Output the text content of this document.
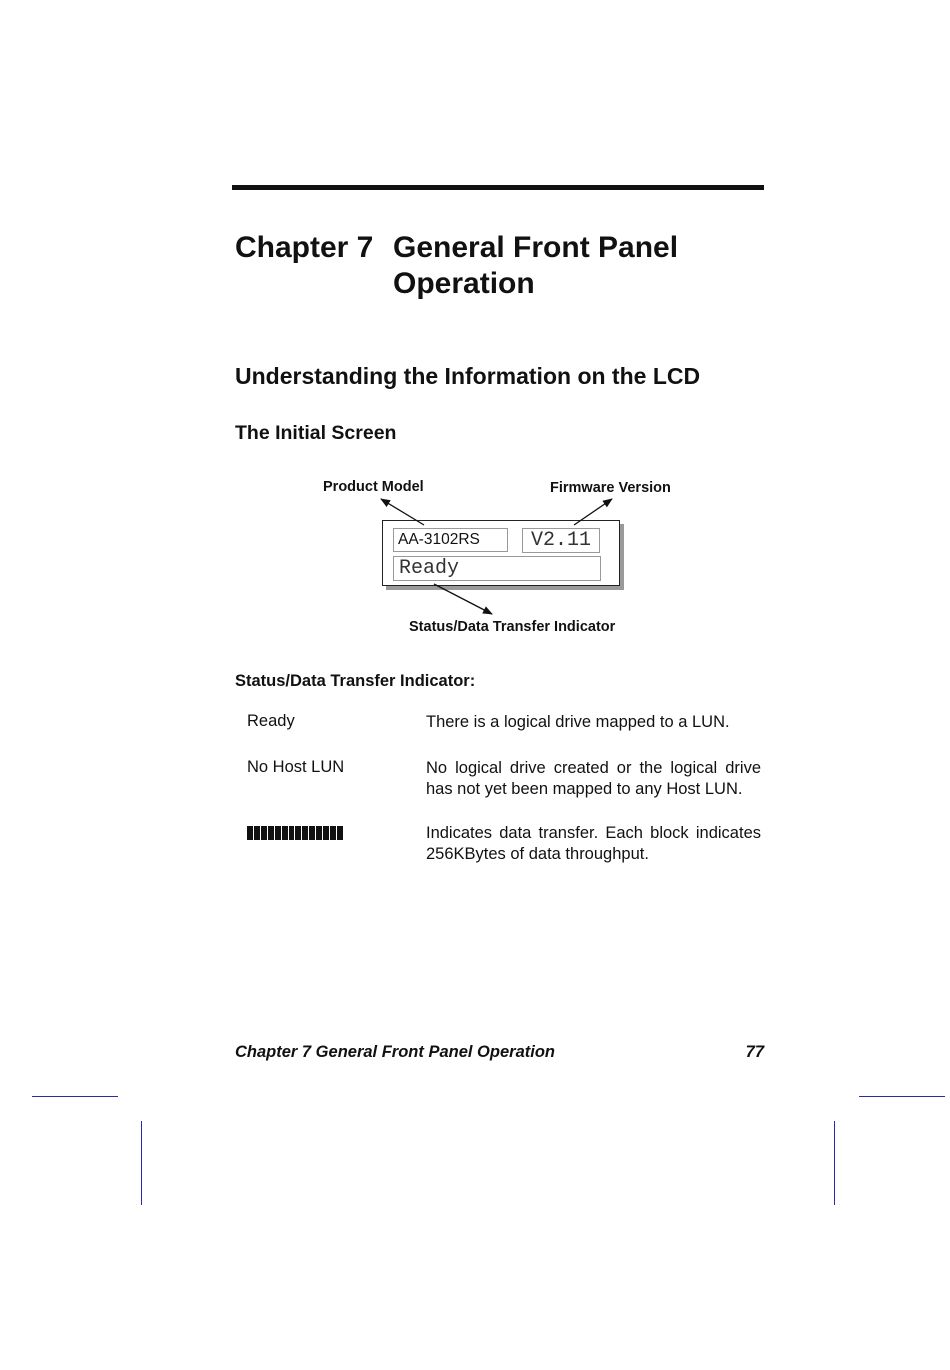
Chapter 7 General Front Panel
Operation
Understanding the Information on the LCD
The Initial Screen
Product Model	Firmware Version
AA-3102RS	V2.11
Ready
Status/Data Transfer Indicator
Status/Data Transfer Indicator:
Ready	There is a logical drive mapped to a LUN.

No Host LUN	No logical drive created or the logical drive has not yet been mapped to any Host LUN.

Indicates data transfer. Each block indicates 256KBytes of data throughput.

Chapter 7 General Front Panel Operation	77
